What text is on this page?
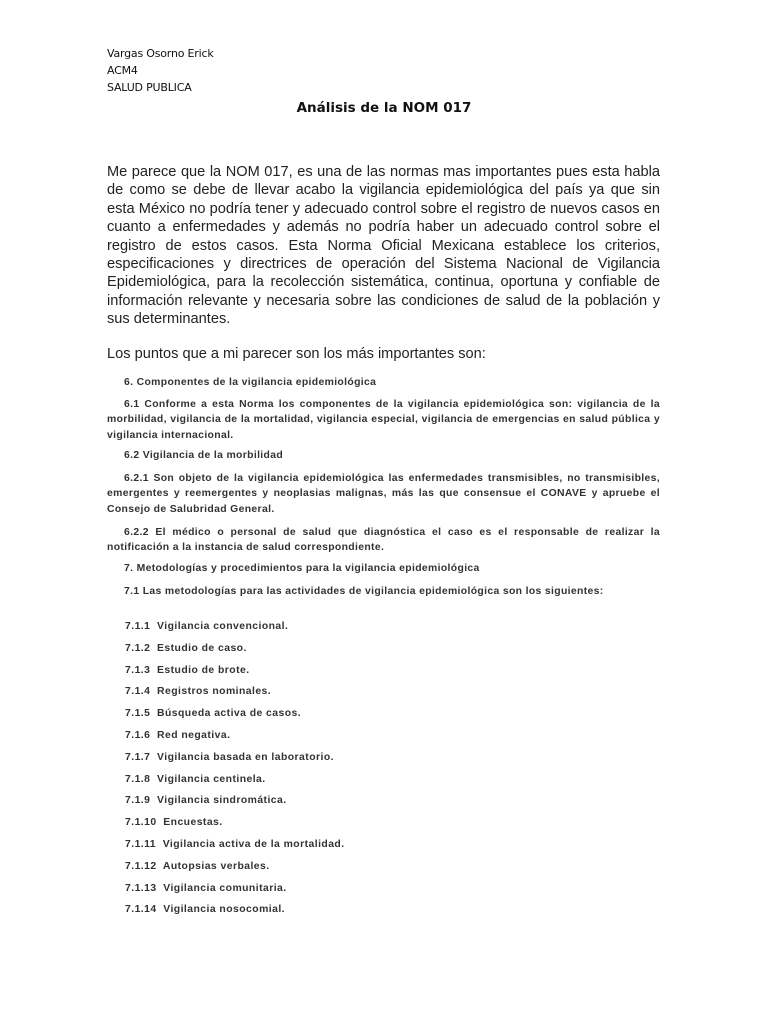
Vargas Osorno Erick
ACM4
SALUD PUBLICA
Análisis de la NOM 017
Me parece que la NOM 017, es una de las normas mas importantes pues esta habla de como se debe de llevar acabo la vigilancia epidemiológica del país ya que sin esta México no podría tener y adecuado control sobre el registro de nuevos casos en cuanto a enfermedades y además no podría haber un adecuado control sobre el registro de estos casos. Esta Norma Oficial Mexicana establece los criterios, especificaciones y directrices de operación del Sistema Nacional de Vigilancia Epidemiológica, para la recolección sistemática, continua, oportuna y confiable de información relevante y necesaria sobre las condiciones de salud de la población y sus determinantes.
Los puntos que a mi parecer son los más importantes son:
6. Componentes de la vigilancia epidemiológica
6.1 Conforme a esta Norma los componentes de la vigilancia epidemiológica son: vigilancia de la morbilidad, vigilancia de la mortalidad, vigilancia especial, vigilancia de emergencias en salud pública y vigilancia internacional.
6.2 Vigilancia de la morbilidad
6.2.1 Son objeto de la vigilancia epidemiológica las enfermedades transmisibles, no transmisibles, emergentes y reemergentes y neoplasias malignas, más las que consensue el CONAVE y apruebe el Consejo de Salubridad General.
6.2.2 El médico o personal de salud que diagnóstica el caso es el responsable de realizar la notificación a la instancia de salud correspondiente.
7. Metodologías y procedimientos para la vigilancia epidemiológica
7.1 Las metodologías para las actividades de vigilancia epidemiológica son los siguientes:
7.1.1  Vigilancia convencional.
7.1.2  Estudio de caso.
7.1.3  Estudio de brote.
7.1.4  Registros nominales.
7.1.5  Búsqueda activa de casos.
7.1.6  Red negativa.
7.1.7  Vigilancia basada en laboratorio.
7.1.8  Vigilancia centinela.
7.1.9  Vigilancia sindromática.
7.1.10  Encuestas.
7.1.11  Vigilancia activa de la mortalidad.
7.1.12  Autopsias verbales.
7.1.13  Vigilancia comunitaria.
7.1.14  Vigilancia nosocomial.
